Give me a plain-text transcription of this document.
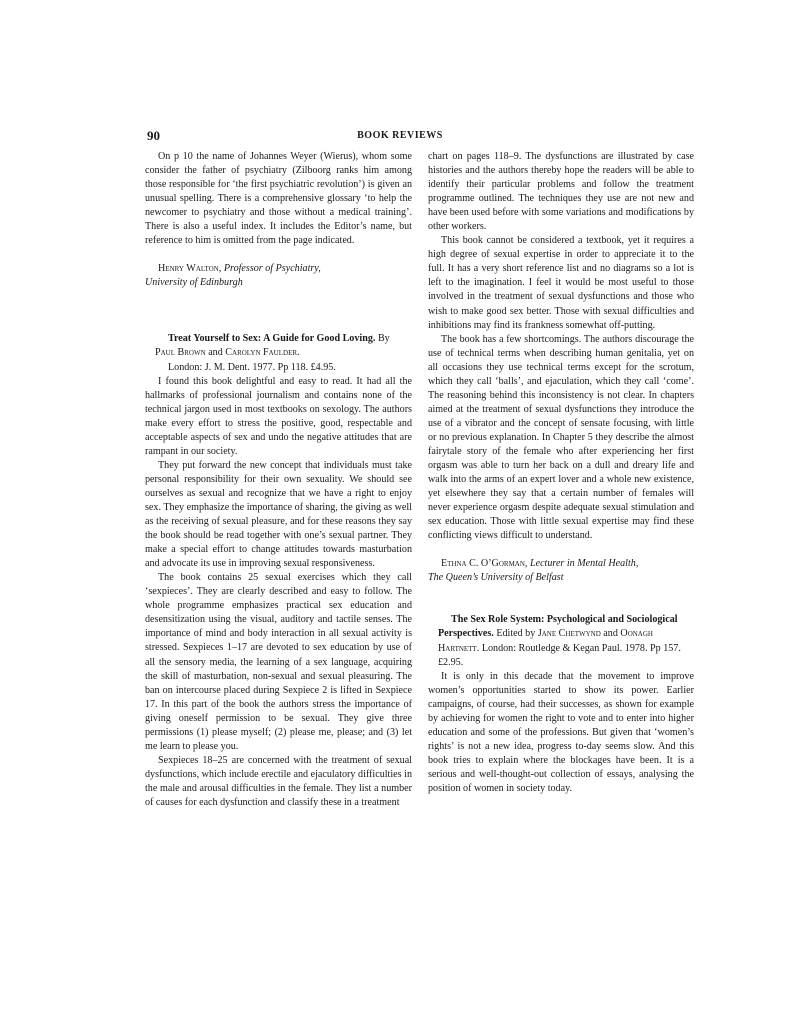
90	BOOK REVIEWS

On p 10 the name of Johannes Weyer (Wierus), whom some consider the father of psychiatry (Zilboorg ranks him among those responsible for ‘the first psychiatric revolution’) is given an unusual spelling. There is a comprehensive glossary ‘to help the newcomer to psychiatry and those without a medical training’. There is also a useful index. It includes the Editor’s name, but reference to him is omitted from the page indicated.

Henry Walton, Professor of Psychiatry,
University of Edinburgh

Treat Yourself to Sex: A Guide for Good Loving. By Paul Brown and Carolyn Faulder.
London: J. M. Dent. 1977. Pp 118. £4.95.

I found this book delightful and easy to read. It had all the hallmarks of professional journalism and contains none of the technical jargon used in most textbooks on sexology. The authors make every effort to stress the positive, good, respectable and acceptable aspects of sex and undo the negative attitudes that are rampant in our society.

They put forward the new concept that individuals must take personal responsibility for their own sexuality. We should see ourselves as sexual and recognize that we have a right to enjoy sex. They emphasize the importance of sharing, the giving as well as the receiving of sexual pleasure, and for these reasons they say the book should be read together with one’s sexual partner. They make a special effort to change attitudes towards masturbation and advocate its use in improving sexual responsiveness.

The book contains 25 sexual exercises which they call ‘sexpieces’. They are clearly described and easy to follow. The whole programme emphasizes practical sex education and desensitization using the visual, auditory and tactile senses. The importance of mind and body interaction in all sexual activity is stressed. Sexpieces 1–17 are devoted to sex education by use of all the sensory media, the learning of a sex language, acquiring the skill of masturbation, non-sexual and sexual pleasuring. The ban on intercourse placed during Sexpiece 2 is lifted in Sexpiece 17. In this part of the book the authors stress the importance of giving oneself permission to be sexual. They give three permissions (1) please myself; (2) please me, please; and (3) let me learn to please you.

Sexpieces 18–25 are concerned with the treatment of sexual dysfunctions, which include erectile and ejaculatory difficulties in the male and arousal difficulties in the female. They list a number of causes for each dysfunction and classify these in a treatment

chart on pages 118–9. The dysfunctions are illustrated by case histories and the authors thereby hope the readers will be able to identify their particular problems and follow the treatment programme outlined. The techniques they use are not new and have been used before with some variations and modifications by other workers.

This book cannot be considered a textbook, yet it requires a high degree of sexual expertise in order to appreciate it to the full. It has a very short reference list and no diagrams so a lot is left to the imagination. I feel it would be most useful to those involved in the treatment of sexual dysfunctions and those who wish to make good sex better. Those with sexual difficulties and inhibitions may find its frankness somewhat off-putting.

The book has a few shortcomings. The authors discourage the use of technical terms when describing human genitalia, yet on all occasions they use technical terms except for the scrotum, which they call ‘balls’, and ejaculation, which they call ‘come’. The reasoning behind this inconsistency is not clear. In chapters aimed at the treatment of sexual dysfunctions they introduce the use of a vibrator and the concept of sensate focusing, with little or no previous explanation. In Chapter 5 they describe the almost fairytale story of the female who after experiencing her first orgasm was able to turn her back on a dull and dreary life and walk into the arms of an expert lover and a whole new existence, yet elsewhere they say that a certain number of females will never experience orgasm despite adequate sexual stimulation and sex education. Those with little sexual expertise may find these conflicting views difficult to understand.

Ethna C. O’Gorman, Lecturer in Mental Health,
The Queen’s University of Belfast

The Sex Role System: Psychological and Sociological Perspectives. Edited by Jane Chetwynd and Oonagh Hartnett. London: Routledge & Kegan Paul. 1978. Pp 157. £2.95.

It is only in this decade that the movement to improve women’s opportunities started to show its power. Earlier campaigns, of course, had their successes, as shown for example by achieving for women the right to vote and to enter into higher education and some of the professions. But given that ‘women’s rights’ is not a new idea, progress to-day seems slow. And this book tries to explain where the blockages have been. It is a serious and well-thought-out collection of essays, analysing the position of women in society today.
